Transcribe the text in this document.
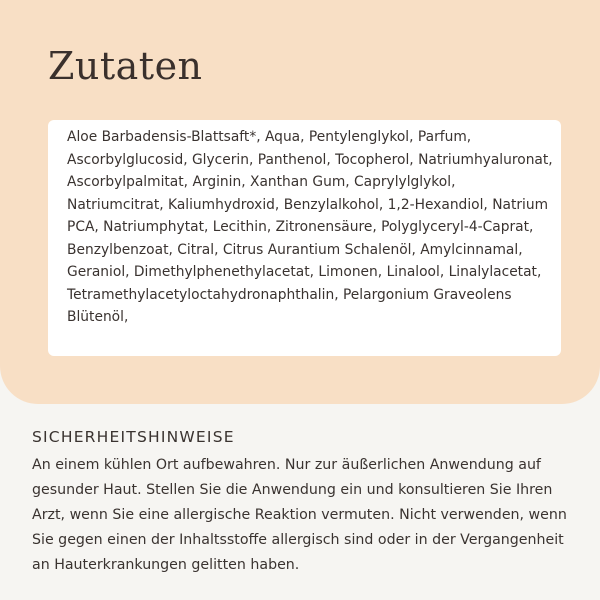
Zutaten
Aloe Barbadensis-Blattsaft*, Aqua, Pentylenglykol, Parfum, Ascorbylglucosid, Glycerin, Panthenol, Tocopherol, Natriumhyaluronat, Ascorbylpalmitat, Arginin, Xanthan Gum, Caprylylglykol, Natriumcitrat, Kaliumhydroxid, Benzylalkohol, 1,2-Hexandiol, Natrium PCA, Natriumphytat, Lecithin, Zitronensäure, Polyglyceryl-4-Caprat, Benzylbenzoat, Citral, Citrus Aurantium Schalenöl, Amylcinnamal, Geraniol, Dimethylphenethylacetat, Limonen, Linalool, Linalylacetat, Tetramethylacetyloctahydronaphthalin, Pelargonium Graveolens Blütenöl,
SICHERHEITSHINWEISE

An einem kühlen Ort aufbewahren. Nur zur äußerlichen Anwendung auf gesunder Haut. Stellen Sie die Anwendung ein und konsultieren Sie Ihren Arzt, wenn Sie eine allergische Reaktion vermuten. Nicht verwenden, wenn Sie gegen einen der Inhaltsstoffe allergisch sind oder in der Vergangenheit an Hauterkrankungen gelitten haben.
